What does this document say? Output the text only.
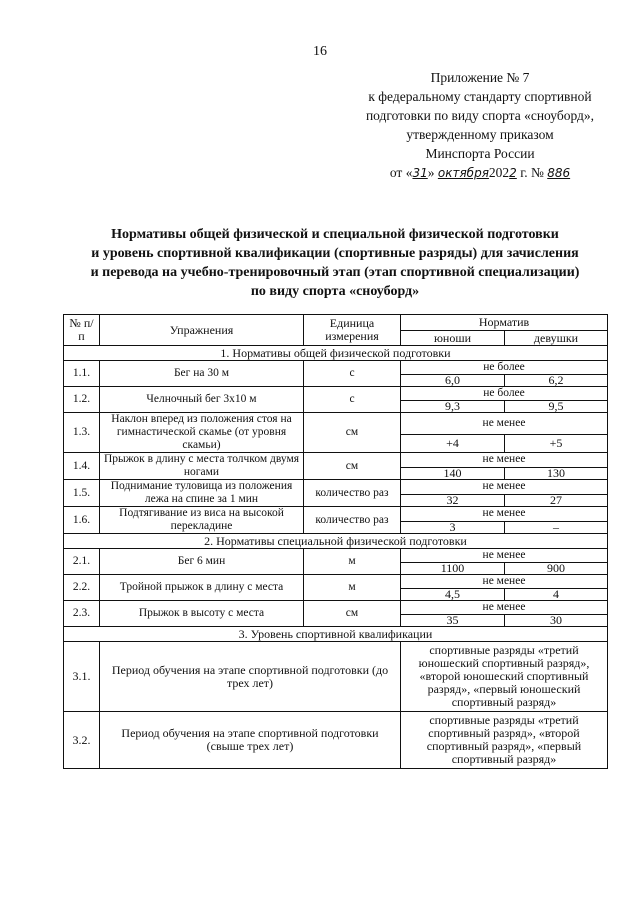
16
Приложение № 7
к федеральному стандарту спортивной
подготовки по виду спорта «сноуборд»,
утвержденному приказом
Минспорта России
от «31» октября2022 г. № 886
Нормативы общей физической и специальной физической подготовки
и уровень спортивной квалификации (спортивные разряды) для зачисления
и перевода на учебно-тренировочный этап (этап спортивной специализации)
по виду спорта «сноуборд»
№ п/п	Упражнения	Единица измерения	Норматив	
			юноши	девушки
1. Нормативы общей физической подготовки				
1.1.	Бег на 30 м	с	не более	
			6,0	6,2
1.2.	Челночный бег 3х10 м	с	не более	
			9,3	9,5
1.3.	Наклон вперед из положения стоя на гимнастической скамье (от уровня скамьи)	см	не менее	
			+4	+5
1.4.	Прыжок в длину с места толчком двумя ногами	см	не менее	
			140	130
1.5.	Поднимание туловища из положения лежа на спине за 1 мин	количество раз	не менее	
			32	27
1.6.	Подтягивание из виса на высокой перекладине	количество раз	не менее	
			3	–
2. Нормативы специальной физической подготовки				
2.1.	Бег 6 мин	м	не менее	
			1100	900
2.2.	Тройной прыжок в длину с места	м	не менее	
			4,5	4
2.3.	Прыжок в высоту с места	см	не менее	
			35	30
3. Уровень спортивной квалификации				
3.1.	Период обучения на этапе спортивной подготовки (до трех лет)		спортивные разряды «третий юношеский спортивный разряд», «второй юношеский спортивный разряд», «первый юношеский спортивный разряд»	
3.2.	Период обучения на этапе спортивной подготовки (свыше трех лет)		спортивные разряды «третий спортивный разряд», «второй спортивный разряд», «первый спортивный разряд»	
